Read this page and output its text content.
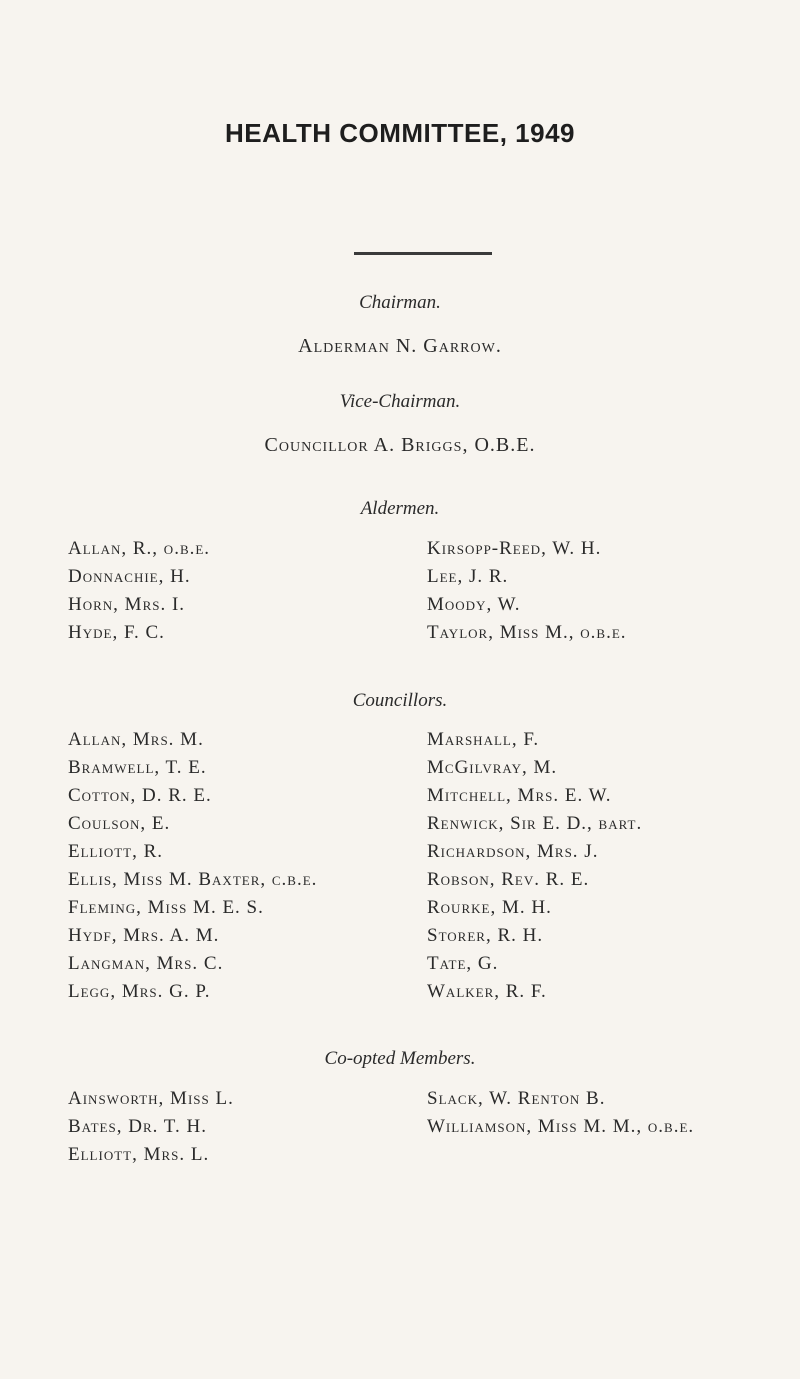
HEALTH COMMITTEE, 1949
Chairman.
Alderman N. Garrow.
Vice-Chairman.
Councillor A. Briggs, O.B.E.
Aldermen.
Allan, R., o.b.e.
Donnachie, H.
Horn, Mrs. I.
Hyde, F. C.
Kirsopp-Reed, W. H.
Lee, J. R.
Moody, W.
Taylor, Miss M., o.b.e.
Councillors.
Allan, Mrs. M.
Bramwell, T. E.
Cotton, D. R. E.
Coulson, E.
Elliott, R.
Ellis, Miss M. Baxter, c.b.e.
Fleming, Miss M. E. S.
Hydf, Mrs. A. M.
Langman, Mrs. C.
Legg, Mrs. G. P.
Marshall, F.
McGilvray, M.
Mitchell, Mrs. E. W.
Renwick, Sir E. D., bart.
Richardson, Mrs. J.
Robson, Rev. R. E.
Rourke, M. H.
Storer, R. H.
Tate, G.
Walker, R. F.
Co-opted Members.
Ainsworth, Miss L.
Bates, Dr. T. H.
Elliott, Mrs. L.
Slack, W. Renton B.
Williamson, Miss M. M., o.b.e.
